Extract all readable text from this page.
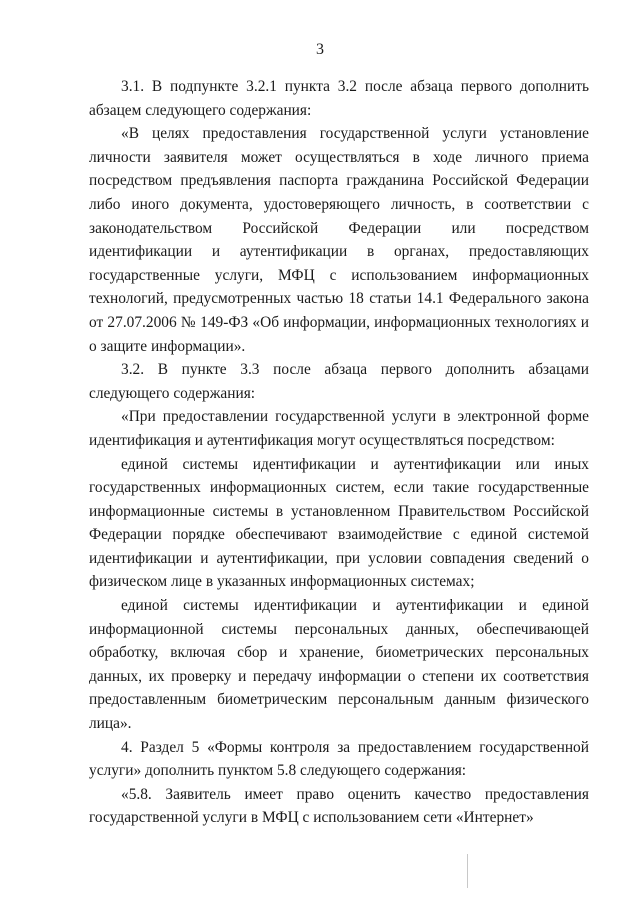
3

3.1. В подпункте 3.2.1 пункта 3.2 после абзаца первого дополнить абзацем следующего содержания:

«В целях предоставления государственной услуги установление личности заявителя может осуществляться в ходе личного приема посредством предъявления паспорта гражданина Российской Федерации либо иного документа, удостоверяющего личность, в соответствии с законодательством Российской Федерации или посредством идентификации и аутентификации в органах, предоставляющих государственные услуги, МФЦ с использованием информационных технологий, предусмотренных частью 18 статьи 14.1 Федерального закона от 27.07.2006 № 149-ФЗ «Об информации, информационных технологиях и о защите информации».

3.2. В пункте 3.3 после абзаца первого дополнить абзацами следующего содержания:

«При предоставлении государственной услуги в электронной форме идентификация и аутентификация могут осуществляться посредством:

единой системы идентификации и аутентификации или иных государственных информационных систем, если такие государственные информационные системы в установленном Правительством Российской Федерации порядке обеспечивают взаимодействие с единой системой идентификации и аутентификации, при условии совпадения сведений о физическом лице в указанных информационных системах;

единой системы идентификации и аутентификации и единой информационной системы персональных данных, обеспечивающей обработку, включая сбор и хранение, биометрических персональных данных, их проверку и передачу информации о степени их соответствия предоставленным биометрическим персональным данным физического лица».

4. Раздел 5 «Формы контроля за предоставлением государственной услуги» дополнить пунктом 5.8 следующего содержания:

«5.8. Заявитель имеет право оценить качество предоставления государственной услуги в МФЦ с использованием сети «Интернет»
